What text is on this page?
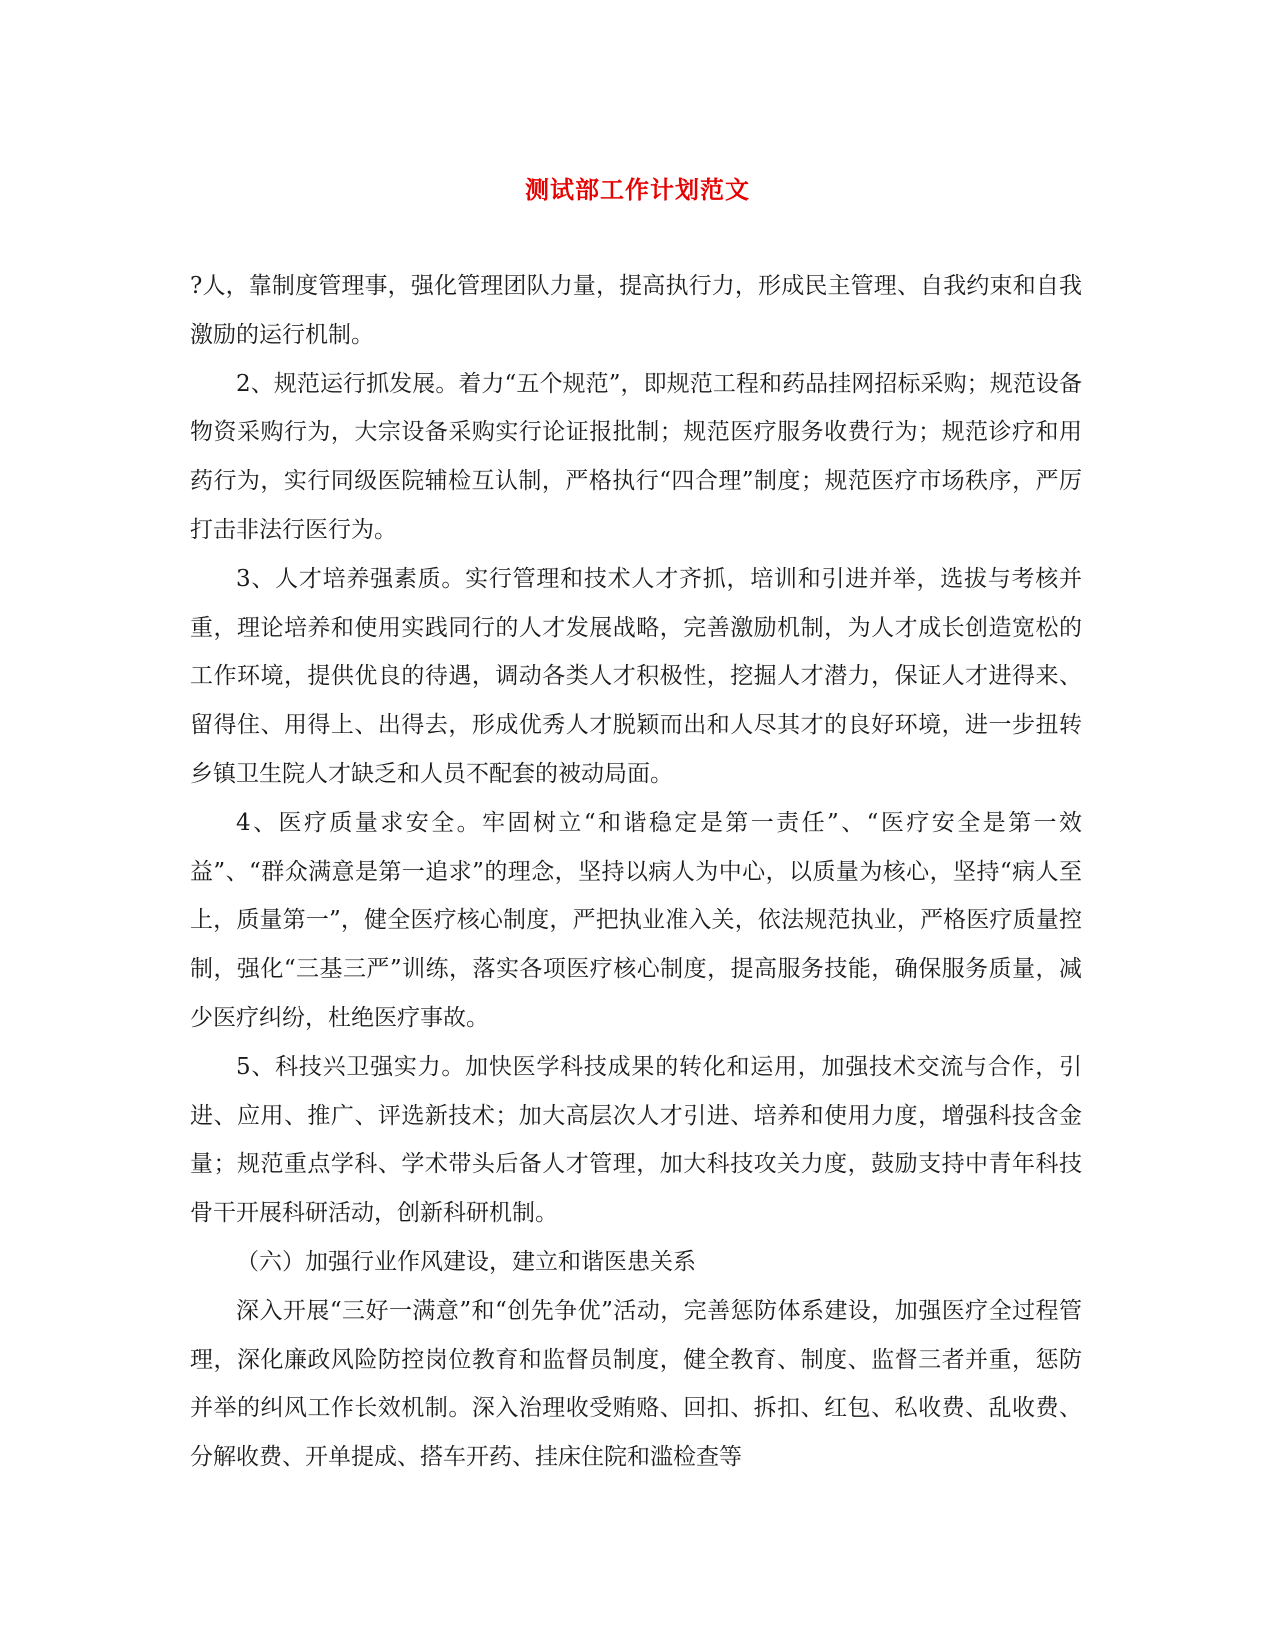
测试部工作计划范文

?人，靠制度管理事，强化管理团队力量，提高执行力，形成民主管理、自我约束和自我激励的运行机制。

2、规范运行抓发展。着力“五个规范”，即规范工程和药品挂网招标采购；规范设备物资采购行为，大宗设备采购实行论证报批制；规范医疗服务收费行为；规范诊疗和用药行为，实行同级医院辅检互认制，严格执行“四合理”制度；规范医疗市场秩序，严厉打击非法行医行为。

3、人才培养强素质。实行管理和技术人才齐抓，培训和引进并举，选拔与考核并重，理论培养和使用实践同行的人才发展战略，完善激励机制，为人才成长创造宽松的工作环境，提供优良的待遇，调动各类人才积极性，挖掘人才潜力，保证人才进得来、留得住、用得上、出得去，形成优秀人才脱颖而出和人尽其才的良好环境，进一步扭转乡镇卫生院人才缺乏和人员不配套的被动局面。

4、医疗质量求安全。牢固树立“和谐稳定是第一责任”、“医疗安全是第一效益”、“群众满意是第一追求”的理念，坚持以病人为中心，以质量为核心，坚持“病人至上，质量第一”，健全医疗核心制度，严把执业准入关，依法规范执业，严格医疗质量控制，强化“三基三严”训练，落实各项医疗核心制度，提高服务技能，确保服务质量，减少医疗纠纷，杜绝医疗事故。

5、科技兴卫强实力。加快医学科技成果的转化和运用，加强技术交流与合作，引进、应用、推广、评选新技术；加大高层次人才引进、培养和使用力度，增强科技含金量；规范重点学科、学术带头后备人才管理，加大科技攻关力度，鼓励支持中青年科技骨干开展科研活动，创新科研机制。

（六）加强行业作风建设，建立和谐医患关系

深入开展“三好一满意”和“创先争优”活动，完善惩防体系建设，加强医疗全过程管理，深化廉政风险防控岗位教育和监督员制度，健全教育、制度、监督三者并重，惩防并举的纠风工作长效机制。深入治理收受贿赂、回扣、拆扣、红包、私收费、乱收费、分解收费、开单提成、搭车开药、挂床住院和滥检查等
